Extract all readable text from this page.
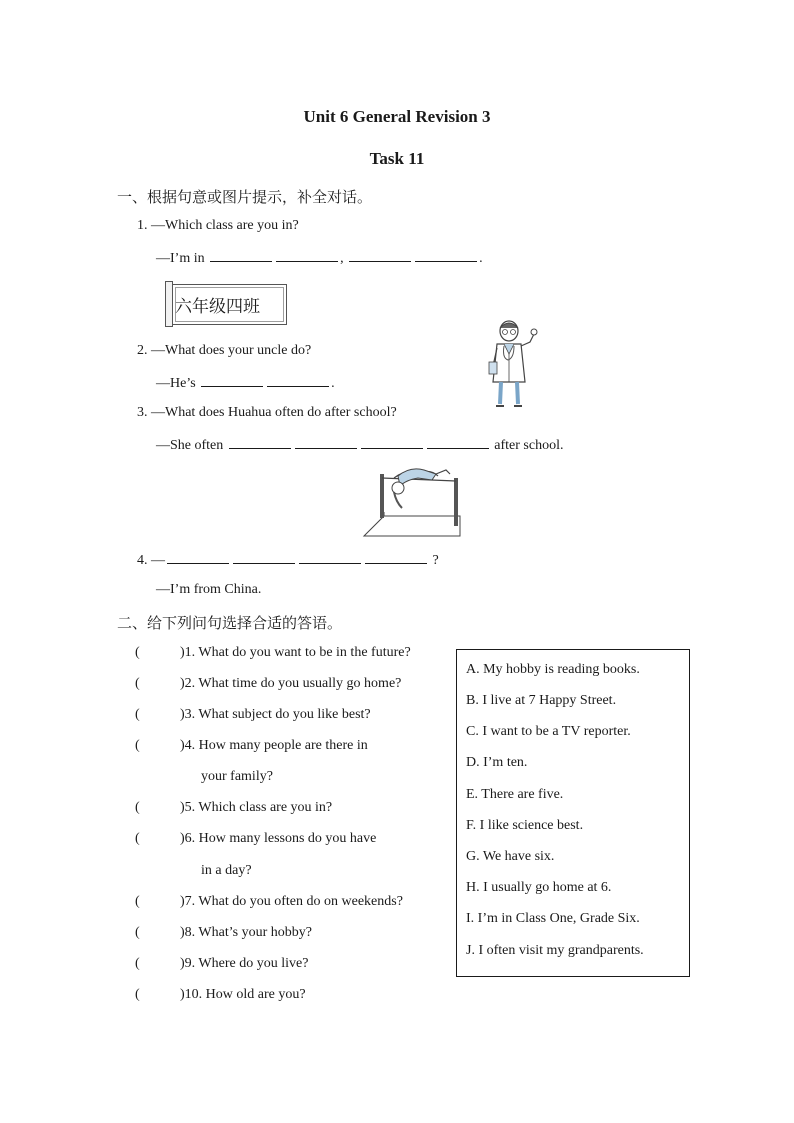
Unit 6 General Revision 3
Task 11
一、根据句意或图片提示，补全对话。
1. —Which class are you in?
—I’m in	,	.
六年级四班
2. —What does your uncle do?
—He’s	.
3. —What does Huahua often do after school?
—She often	after school.
4. —	?
—I’m from China.
二、给下列问句选择合适的答语。
(	)1. What do you want to be in the future?
(	)2. What time do you usually go home?
(	)3. What subject do you like best?
(	)4. How many people are there in
your family?
(	)5. Which class are you in?
(	)6. How many lessons do you have
in a day?
(	)7. What do you often do on weekends?
(	)8. What’s your hobby?
(	)9. Where do you live?
(	)10. How old are you?
A. My hobby is reading books.
B. I live at 7 Happy Street.
C. I want to be a TV reporter.
D. I’m ten.
E. There are five.
F. I like science best.
G. We have six.
H. I usually go home at 6.
I. I’m in Class One, Grade Six.
J. I often visit my grandparents.
